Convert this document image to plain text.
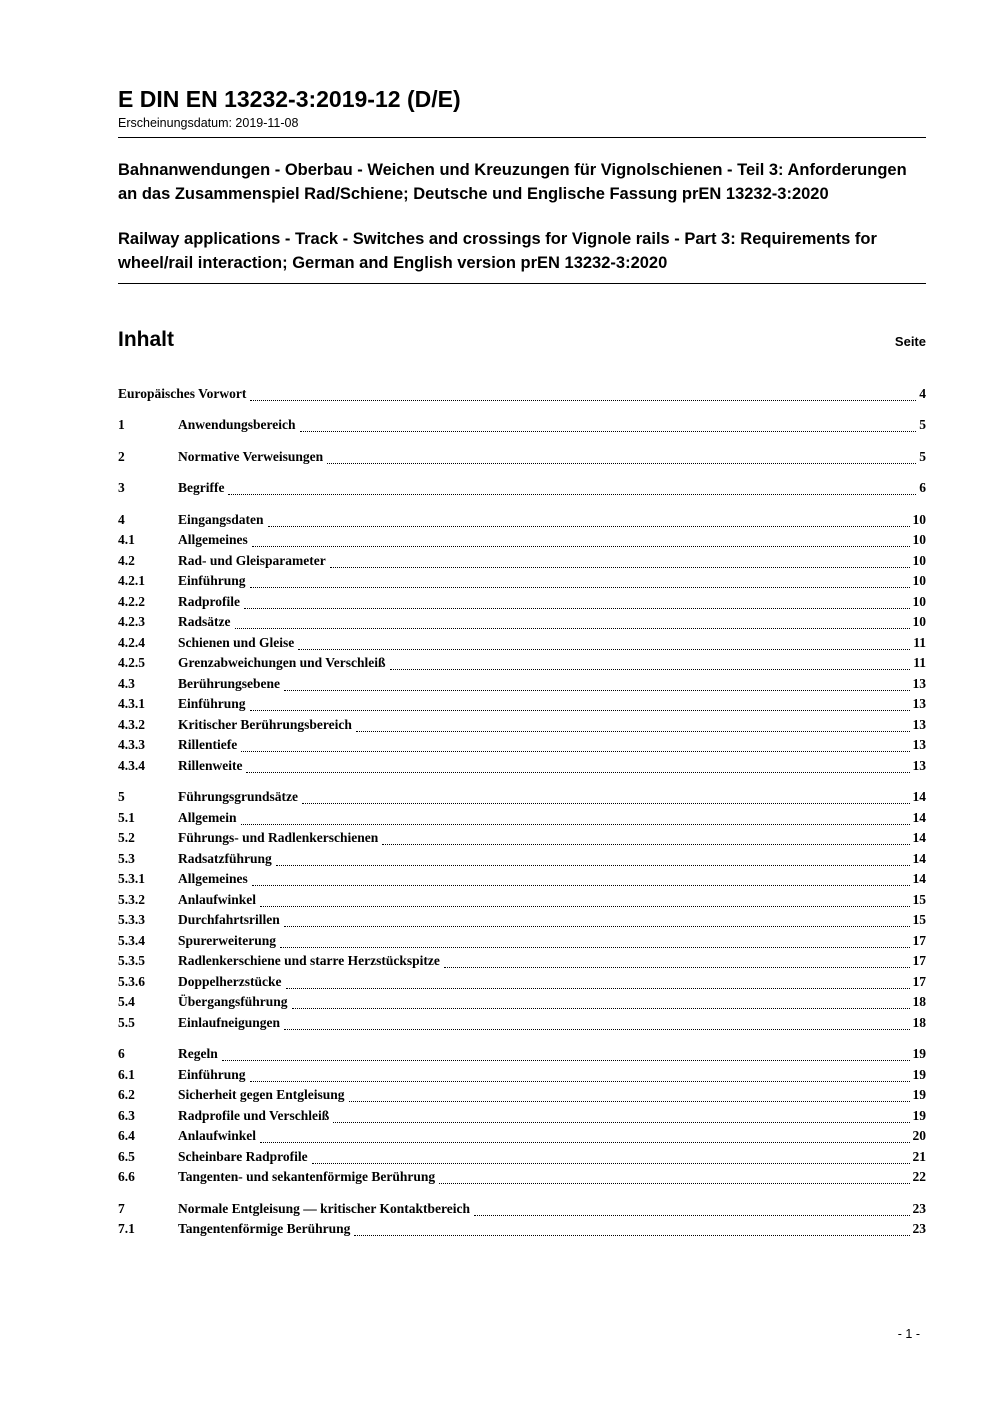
E DIN EN 13232-3:2019-12 (D/E)
Erscheinungsdatum: 2019-11-08
Bahnanwendungen - Oberbau - Weichen und Kreuzungen für Vignolschienen - Teil 3: Anforderungen an das Zusammenspiel Rad/Schiene; Deutsche und Englische Fassung prEN 13232-3:2020
Railway applications - Track - Switches and crossings for Vignole rails - Part 3: Requirements for wheel/rail interaction; German and English version prEN 13232-3:2020
Inhalt	Seite
Europäisches Vorwort	4
1	Anwendungsbereich	5
2	Normative Verweisungen	5
3	Begriffe	6
4	Eingangsdaten	10
4.1	Allgemeines	10
4.2	Rad- und Gleisparameter	10
4.2.1	Einführung	10
4.2.2	Radprofile	10
4.2.3	Radsätze	10
4.2.4	Schienen und Gleise	11
4.2.5	Grenzabweichungen und Verschleiß	11
4.3	Berührungsebene	13
4.3.1	Einführung	13
4.3.2	Kritischer Berührungsbereich	13
4.3.3	Rillentiefe	13
4.3.4	Rillenweite	13
5	Führungsgrundsätze	14
5.1	Allgemein	14
5.2	Führungs- und Radlenkerschienen	14
5.3	Radsatzführung	14
5.3.1	Allgemeines	14
5.3.2	Anlaufwinkel	15
5.3.3	Durchfahrtsrillen	15
5.3.4	Spurerweiterung	17
5.3.5	Radlenkerschiene und starre Herzstückspitze	17
5.3.6	Doppelherzstücke	17
5.4	Übergangsführung	18
5.5	Einlaufneigungen	18
6	Regeln	19
6.1	Einführung	19
6.2	Sicherheit gegen Entgleisung	19
6.3	Radprofile und Verschleiß	19
6.4	Anlaufwinkel	20
6.5	Scheinbare Radprofile	21
6.6	Tangenten- und sekantenförmige Berührung	22
7	Normale Entgleisung — kritischer Kontaktbereich	23
7.1	Tangentenförmige Berührung	23
- 1 -
